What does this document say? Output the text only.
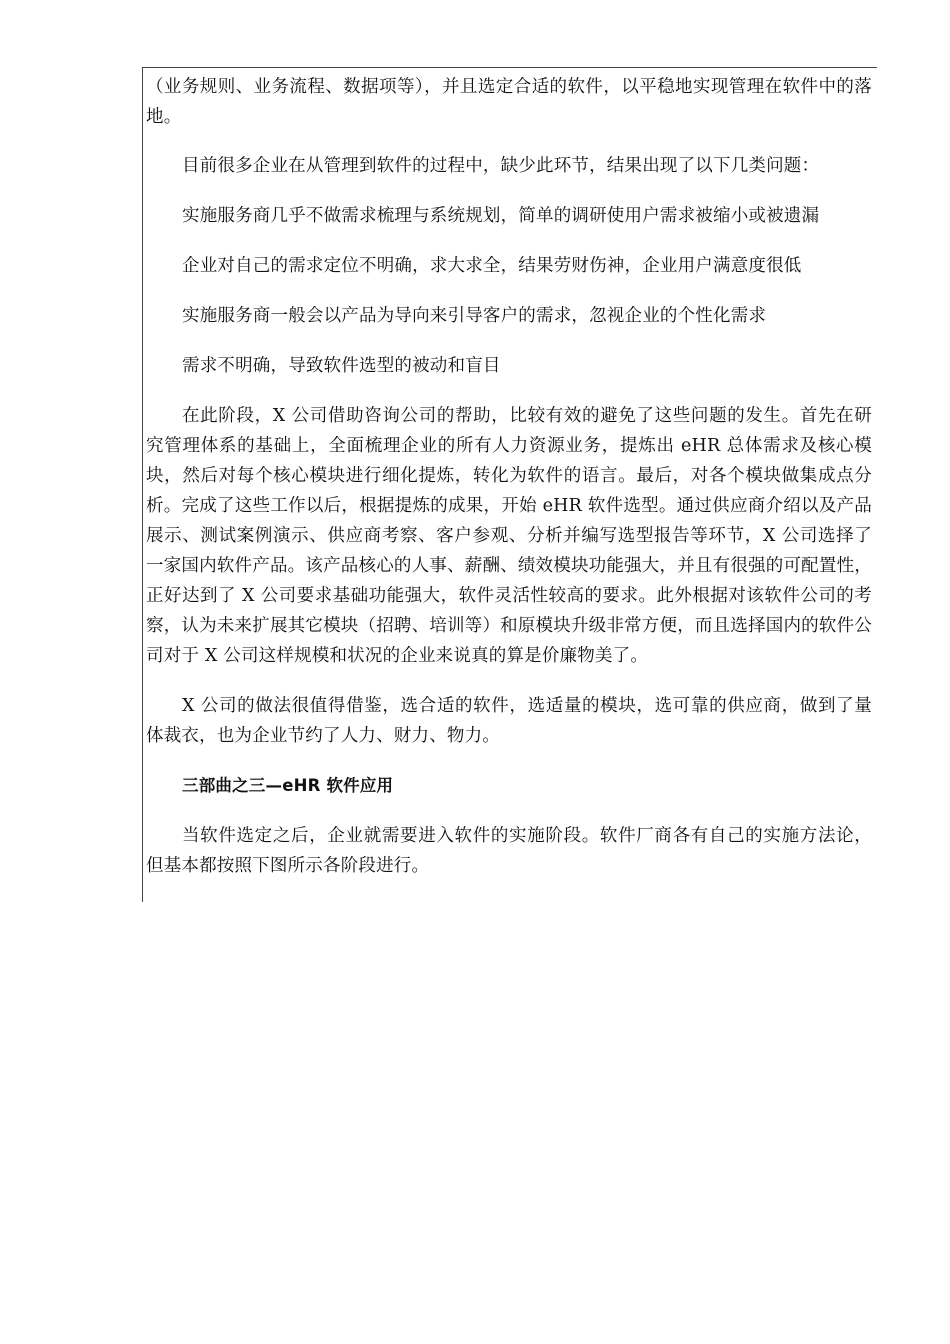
（业务规则、业务流程、数据项等），并且选定合适的软件，以平稳地实现管理在软件中的落地。

目前很多企业在从管理到软件的过程中，缺少此环节，结果出现了以下几类问题：

实施服务商几乎不做需求梳理与系统规划，简单的调研使用户需求被缩小或被遗漏

企业对自己的需求定位不明确，求大求全，结果劳财伤神，企业用户满意度很低

实施服务商一般会以产品为导向来引导客户的需求，忽视企业的个性化需求

需求不明确，导致软件选型的被动和盲目

在此阶段，X 公司借助咨询公司的帮助，比较有效的避免了这些问题的发生。首先在研究管理体系的基础上，全面梳理企业的所有人力资源业务，提炼出 eHR 总体需求及核心模块，然后对每个核心模块进行细化提炼，转化为软件的语言。最后，对各个模块做集成点分析。完成了这些工作以后，根据提炼的成果，开始 eHR 软件选型。通过供应商介绍以及产品展示、测试案例演示、供应商考察、客户参观、分析并编写选型报告等环节，X 公司选择了一家国内软件产品。该产品核心的人事、薪酬、绩效模块功能强大，并且有很强的可配置性，正好达到了 X 公司要求基础功能强大，软件灵活性较高的要求。此外根据对该软件公司的考察，认为未来扩展其它模块（招聘、培训等）和原模块升级非常方便，而且选择国内的软件公司对于 X 公司这样规模和状况的企业来说真的算是价廉物美了。

X 公司的做法很值得借鉴，选合适的软件，选适量的模块，选可靠的供应商，做到了量体裁衣，也为企业节约了人力、财力、物力。

三部曲之三—eHR 软件应用

当软件选定之后，企业就需要进入软件的实施阶段。软件厂商各有自己的实施方法论，但基本都按照下图所示各阶段进行。
